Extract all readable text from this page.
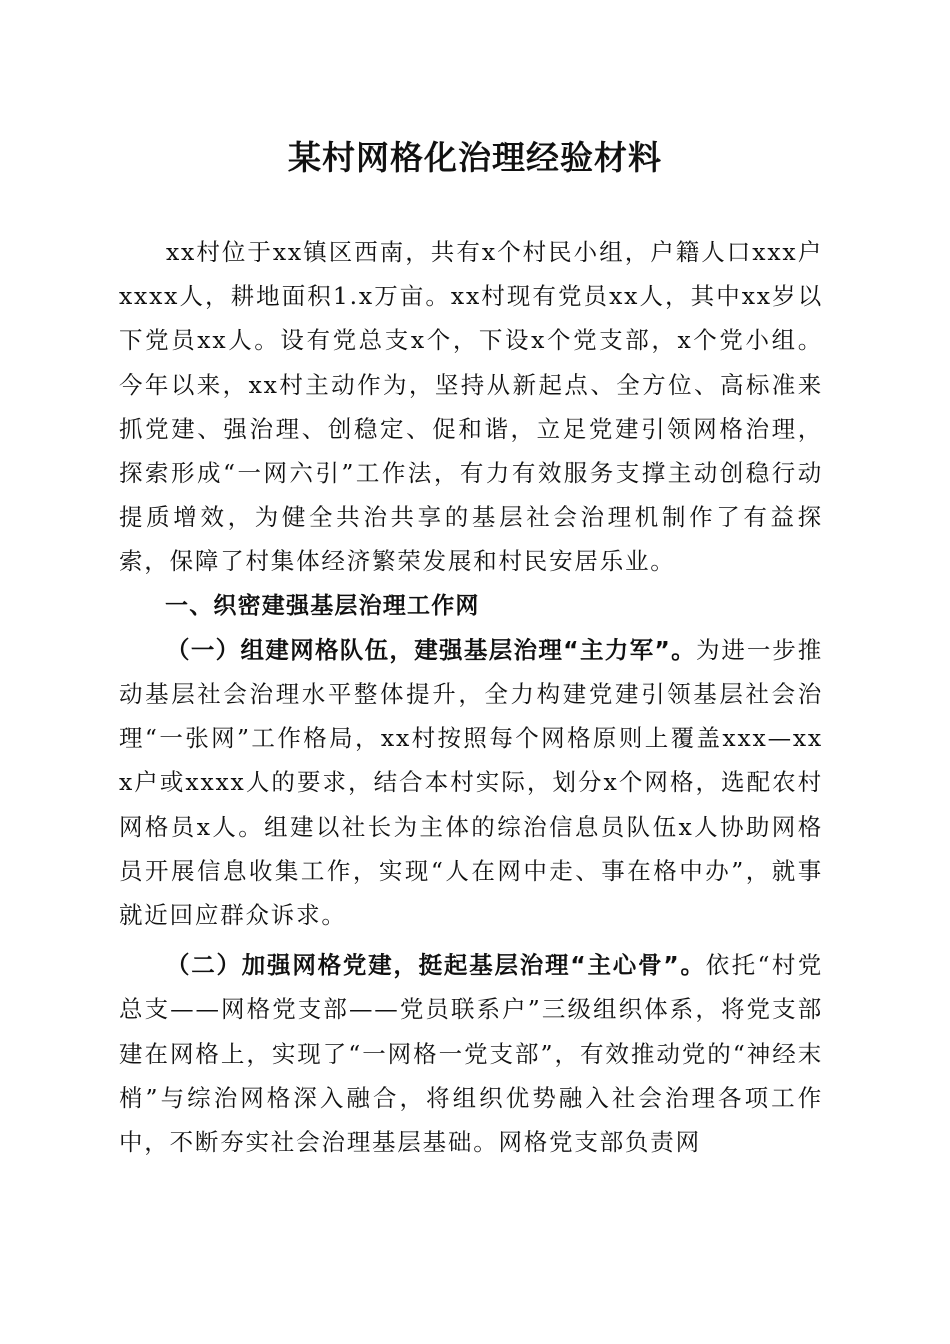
某村网格化治理经验材料

xx村位于xx镇区西南，共有x个村民小组，户籍人口xxx户xxxx人，耕地面积1.x万亩。xx村现有党员xx人，其中xx岁以下党员xx人。设有党总支x个，下设x个党支部，x个党小组。今年以来，xx村主动作为，坚持从新起点、全方位、高标准来抓党建、强治理、创稳定、促和谐，立足党建引领网格治理，探索形成“一网六引”工作法，有力有效服务支撑主动创稳行动提质增效，为健全共治共享的基层社会治理机制作了有益探索，保障了村集体经济繁荣发展和村民安居乐业。

一、织密建强基层治理工作网

（一）组建网格队伍，建强基层治理“主力军”。为进一步推动基层社会治理水平整体提升，全力构建党建引领基层社会治理“一张网”工作格局，xx村按照每个网格原则上覆盖xxx—xxx户或xxxx人的要求，结合本村实际，划分x个网格，选配农村网格员x人。组建以社长为主体的综治信息员队伍x人协助网格员开展信息收集工作，实现“人在网中走、事在格中办”，就事就近回应群众诉求。

（二）加强网格党建，挺起基层治理“主心骨”。依托“村党总支——网格党支部——党员联系户”三级组织体系，将党支部建在网格上，实现了“一网格一党支部”，有效推动党的“神经末梢”与综治网格深入融合，将组织优势融入社会治理各项工作中，不断夯实社会治理基层基础。网格党支部负责网
